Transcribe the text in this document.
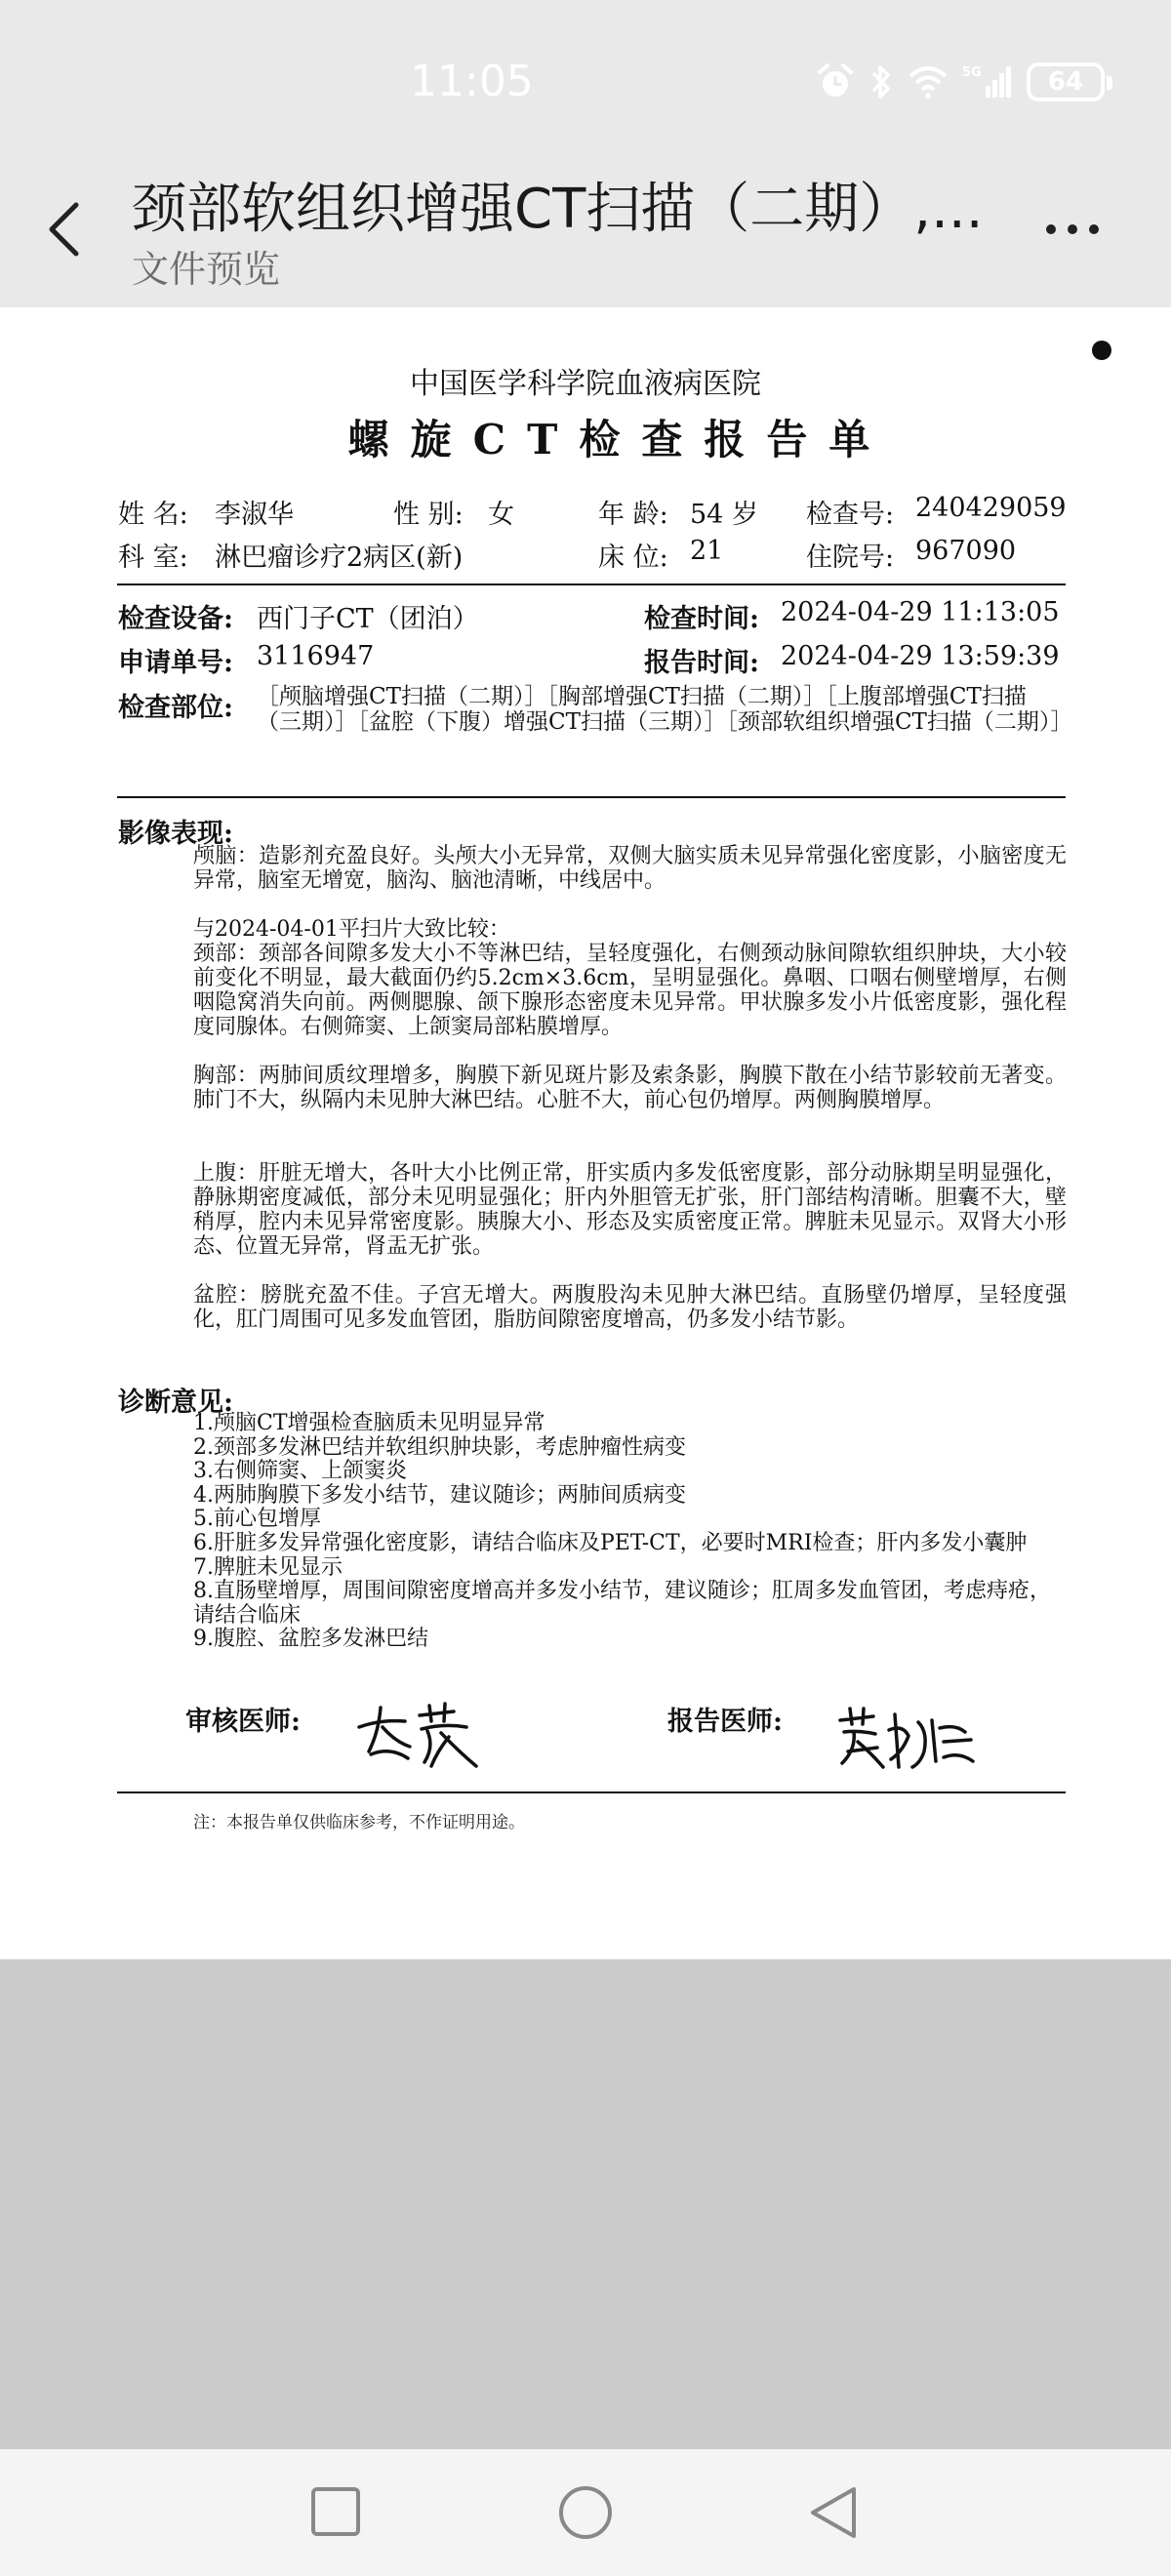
11:05	5G	64
颈部软组织增强CT扫描（二期）,...
文件预览
中国医学科学院血液病医院
螺旋CT检查报告单
姓 名: 李淑华	性 别: 女	年 龄: 54 岁 检查号: 240429059
科 室: 淋巴瘤诊疗2病区(新)	床 位: 21	住院号: 967090
检查设备: 西门子CT（团泊）	检查时间: 2024-04-29 11:13:05
申请单号: 3116947	报告时间: 2024-04-29 13:59:39
检查部位: ［颅脑增强CT扫描（二期）］［胸部增强CT扫描（二期）］［上腹部增强CT扫描（三期）］［盆腔（下腹）增强CT扫描（三期）］［颈部软组织增强CT扫描（二期）］
影像表现:
颅脑：造影剂充盈良好。头颅大小无异常，双侧大脑实质未见异常强化密度影，小脑密度无异常，脑室无增宽，脑沟、脑池清晰，中线居中。
与2024-04-01平扫片大致比较：
颈部：颈部各间隙多发大小不等淋巴结，呈轻度强化，右侧颈动脉间隙软组织肿块，大小较前变化不明显，最大截面仍约5.2cm×3.6cm，呈明显强化。鼻咽、口咽右侧壁增厚，右侧咽隐窝消失向前。两侧腮腺、颌下腺形态密度未见异常。甲状腺多发小片低密度影，强化程度同腺体。右侧筛窦、上颌窦局部粘膜增厚。
胸部：两肺间质纹理增多，胸膜下新见斑片影及索条影，胸膜下散在小结节影较前无著变。肺门不大，纵隔内未见肿大淋巴结。心脏不大，前心包仍增厚。两侧胸膜增厚。
上腹：肝脏无增大，各叶大小比例正常，肝实质内多发低密度影，部分动脉期呈明显强化，静脉期密度减低，部分未见明显强化；肝内外胆管无扩张，肝门部结构清晰。胆囊不大，壁稍厚，腔内未见异常密度影。胰腺大小、形态及实质密度正常。脾脏未见显示。双肾大小形态、位置无异常，肾盂无扩张。
盆腔：膀胱充盈不佳。子宫无增大。两腹股沟未见肿大淋巴结。直肠壁仍增厚，呈轻度强化，肛门周围可见多发血管团，脂肪间隙密度增高，仍多发小结节影。
诊断意见:
1.颅脑CT增强检查脑质未见明显异常
2.颈部多发淋巴结并软组织肿块影，考虑肿瘤性病变
3.右侧筛窦、上颌窦炎
4.两肺胸膜下多发小结节，建议随诊；两肺间质病变
5.前心包增厚
6.肝脏多发异常强化密度影，请结合临床及PET-CT，必要时MRI检查；肝内多发小囊肿
7.脾脏未见显示
8.直肠壁增厚，周围间隙密度增高并多发小结节，建议随诊；肛周多发血管团，考虑痔疮，请结合临床
9.腹腔、盆腔多发淋巴结
审核医师:	报告医师:
注：本报告单仅供临床参考，不作证明用途。
